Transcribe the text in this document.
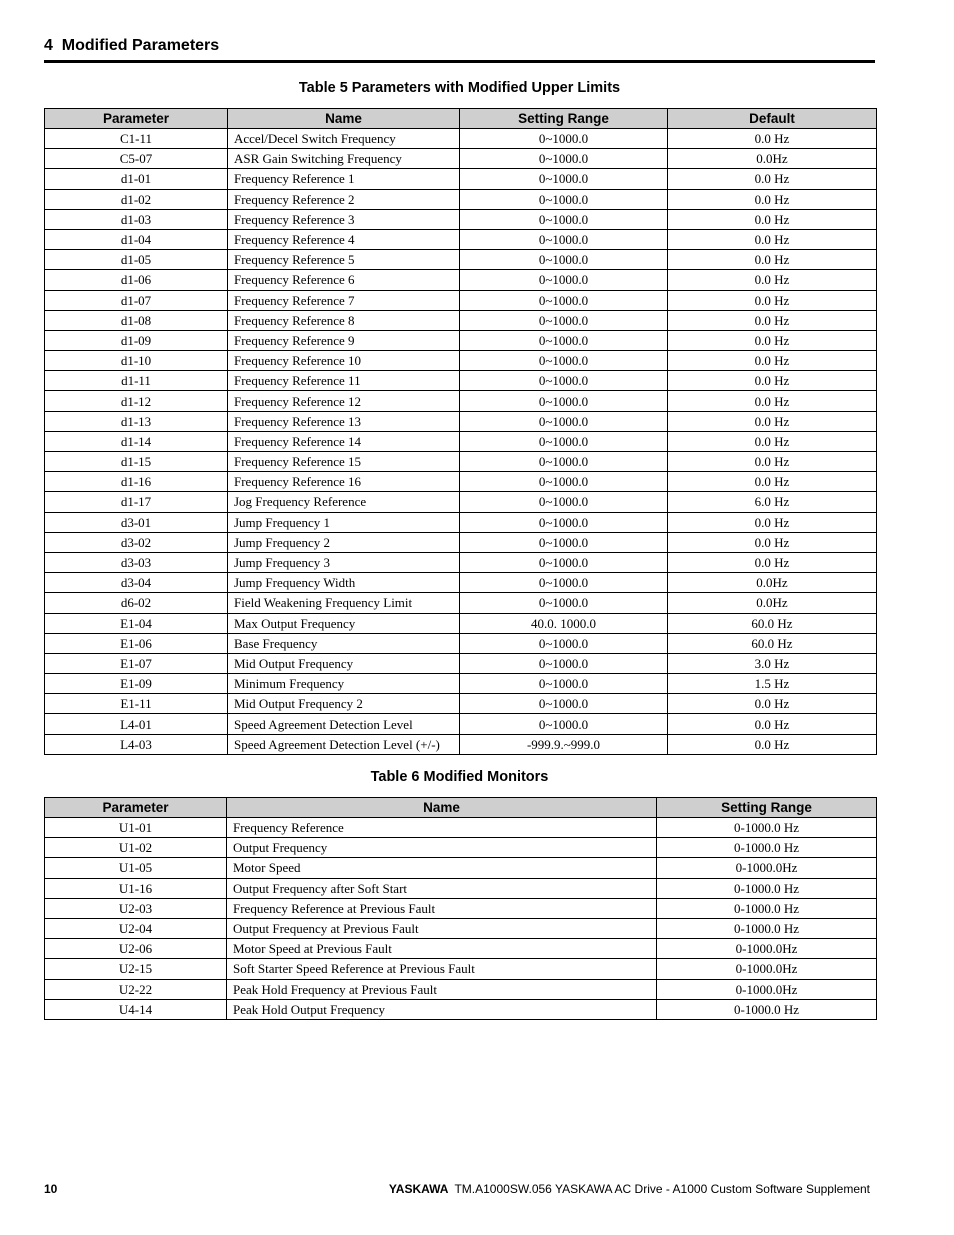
4 Modified Parameters
Table 5 Parameters with Modified Upper Limits
Parameter	Name	Setting Range	Default
C1-11	Accel/Decel Switch Frequency	0~1000.0	0.0 Hz
C5-07	ASR Gain Switching Frequency	0~1000.0	0.0Hz
d1-01	Frequency Reference 1	0~1000.0	0.0 Hz
d1-02	Frequency Reference 2	0~1000.0	0.0 Hz
d1-03	Frequency Reference 3	0~1000.0	0.0 Hz
d1-04	Frequency Reference 4	0~1000.0	0.0 Hz
d1-05	Frequency Reference 5	0~1000.0	0.0 Hz
d1-06	Frequency Reference 6	0~1000.0	0.0 Hz
d1-07	Frequency Reference 7	0~1000.0	0.0 Hz
d1-08	Frequency Reference 8	0~1000.0	0.0 Hz
d1-09	Frequency Reference 9	0~1000.0	0.0 Hz
d1-10	Frequency Reference 10	0~1000.0	0.0 Hz
d1-11	Frequency Reference 11	0~1000.0	0.0 Hz
d1-12	Frequency Reference 12	0~1000.0	0.0 Hz
d1-13	Frequency Reference 13	0~1000.0	0.0 Hz
d1-14	Frequency Reference 14	0~1000.0	0.0 Hz
d1-15	Frequency Reference 15	0~1000.0	0.0 Hz
d1-16	Frequency Reference 16	0~1000.0	0.0 Hz
d1-17	Jog Frequency Reference	0~1000.0	6.0 Hz
d3-01	Jump Frequency 1	0~1000.0	0.0 Hz
d3-02	Jump Frequency 2	0~1000.0	0.0 Hz
d3-03	Jump Frequency 3	0~1000.0	0.0 Hz
d3-04	Jump Frequency Width	0~1000.0	0.0Hz
d6-02	Field Weakening Frequency Limit	0~1000.0	0.0Hz
E1-04	Max Output Frequency	40.0. 1000.0	60.0 Hz
E1-06	Base Frequency	0~1000.0	60.0 Hz
E1-07	Mid Output Frequency	0~1000.0	3.0 Hz
E1-09	Minimum Frequency	0~1000.0	1.5 Hz
E1-11	Mid Output Frequency 2	0~1000.0	0.0 Hz
L4-01	Speed Agreement Detection Level	0~1000.0	0.0 Hz
L4-03	Speed Agreement Detection Level (+/-)	-999.9.~999.0	0.0 Hz
Table 6 Modified Monitors
Parameter	Name	Setting Range
U1-01	Frequency Reference	0-1000.0 Hz
U1-02	Output Frequency	0-1000.0 Hz
U1-05	Motor Speed	0-1000.0Hz
U1-16	Output Frequency after Soft Start	0-1000.0 Hz
U2-03	Frequency Reference at Previous Fault	0-1000.0 Hz
U2-04	Output Frequency at Previous Fault	0-1000.0 Hz
U2-06	Motor Speed at Previous Fault	0-1000.0Hz
U2-15	Soft Starter Speed Reference at Previous Fault	0-1000.0Hz
U2-22	Peak Hold Frequency at Previous Fault	0-1000.0Hz
U4-14	Peak Hold Output Frequency	0-1000.0 Hz
10	YASKAWA TM.A1000SW.056 YASKAWA AC Drive - A1000 Custom Software Supplement
